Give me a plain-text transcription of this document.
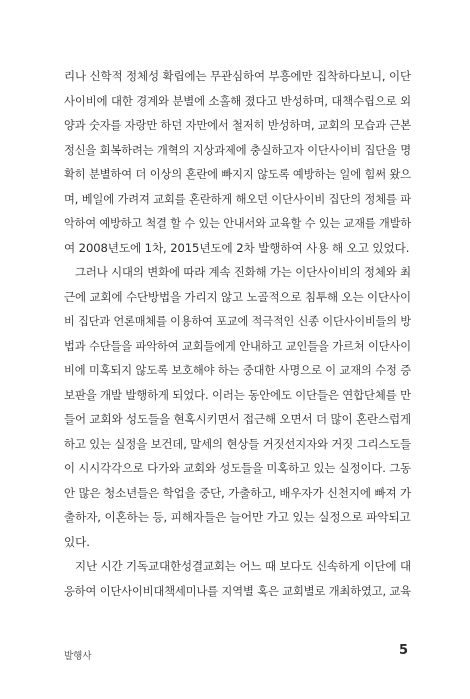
리나 신학적 정체성 확립에는 무관심하여 부흥에만 집착하다보니, 이단
사이비에 대한 경계와 분별에 소홀해 졌다고 반성하며, 대책수립으로 외
양과 숫자를 자랑만 하던 자만에서 철저히 반성하며, 교회의 모습과 근본
정신을 회복하려는 개혁의 지상과제에 충실하고자 이단사이비 집단을 명
확히 분별하여 더 이상의 혼란에 빠지지 않도록 예방하는 일에 힘써 왔으
며, 베일에 가려져 교회를 혼란하게 해오던 이단사이비 집단의 정체를 파
악하여 예방하고 척결 할 수 있는 안내서와 교육할 수 있는 교재를 개발하
여 2008년도에 1차, 2015년도에 2차 발행하여 사용 해 오고 있었다.
그러나 시대의 변화에 따라 계속 진화해 가는 이단사이비의 정체와 최
근에 교회에 수단방법을 가리지 않고 노골적으로 침투해 오는 이단사이
비 집단과 언론매체를 이용하여 포교에 적극적인 신종 이단사이비들의 방
법과 수단들을 파악하여 교회들에게 안내하고 교인들을 가르쳐 이단사이
비에 미혹되지 않도록 보호해야 하는 중대한 사명으로 이 교재의 수정 증
보판을 개발 발행하게 되었다. 이러는 동안에도 이단들은 연합단체를 만
들어 교회와 성도들을 현혹시키면서 접근해 오면서 더 많이 혼란스럽게
하고 있는 실정을 보건데, 말세의 현상들 거짓선지자와 거짓 그리스도들
이 시시각각으로 다가와 교회와 성도들을 미혹하고 있는 실정이다. 그동
안 많은 청소년들은 학업을 중단, 가출하고, 배우자가 신천지에 빠져 가
출하자, 이혼하는 등, 피해자들은 늘어만 가고 있는 실정으로 파악되고
있다.
지난 시간 기독교대한성결교회는 어느 때 보다도 신속하게 이단에 대
응하여 이단사이비대책세미나를 지역별 혹은 교회별로 개최하였고, 교육
발행사	5
